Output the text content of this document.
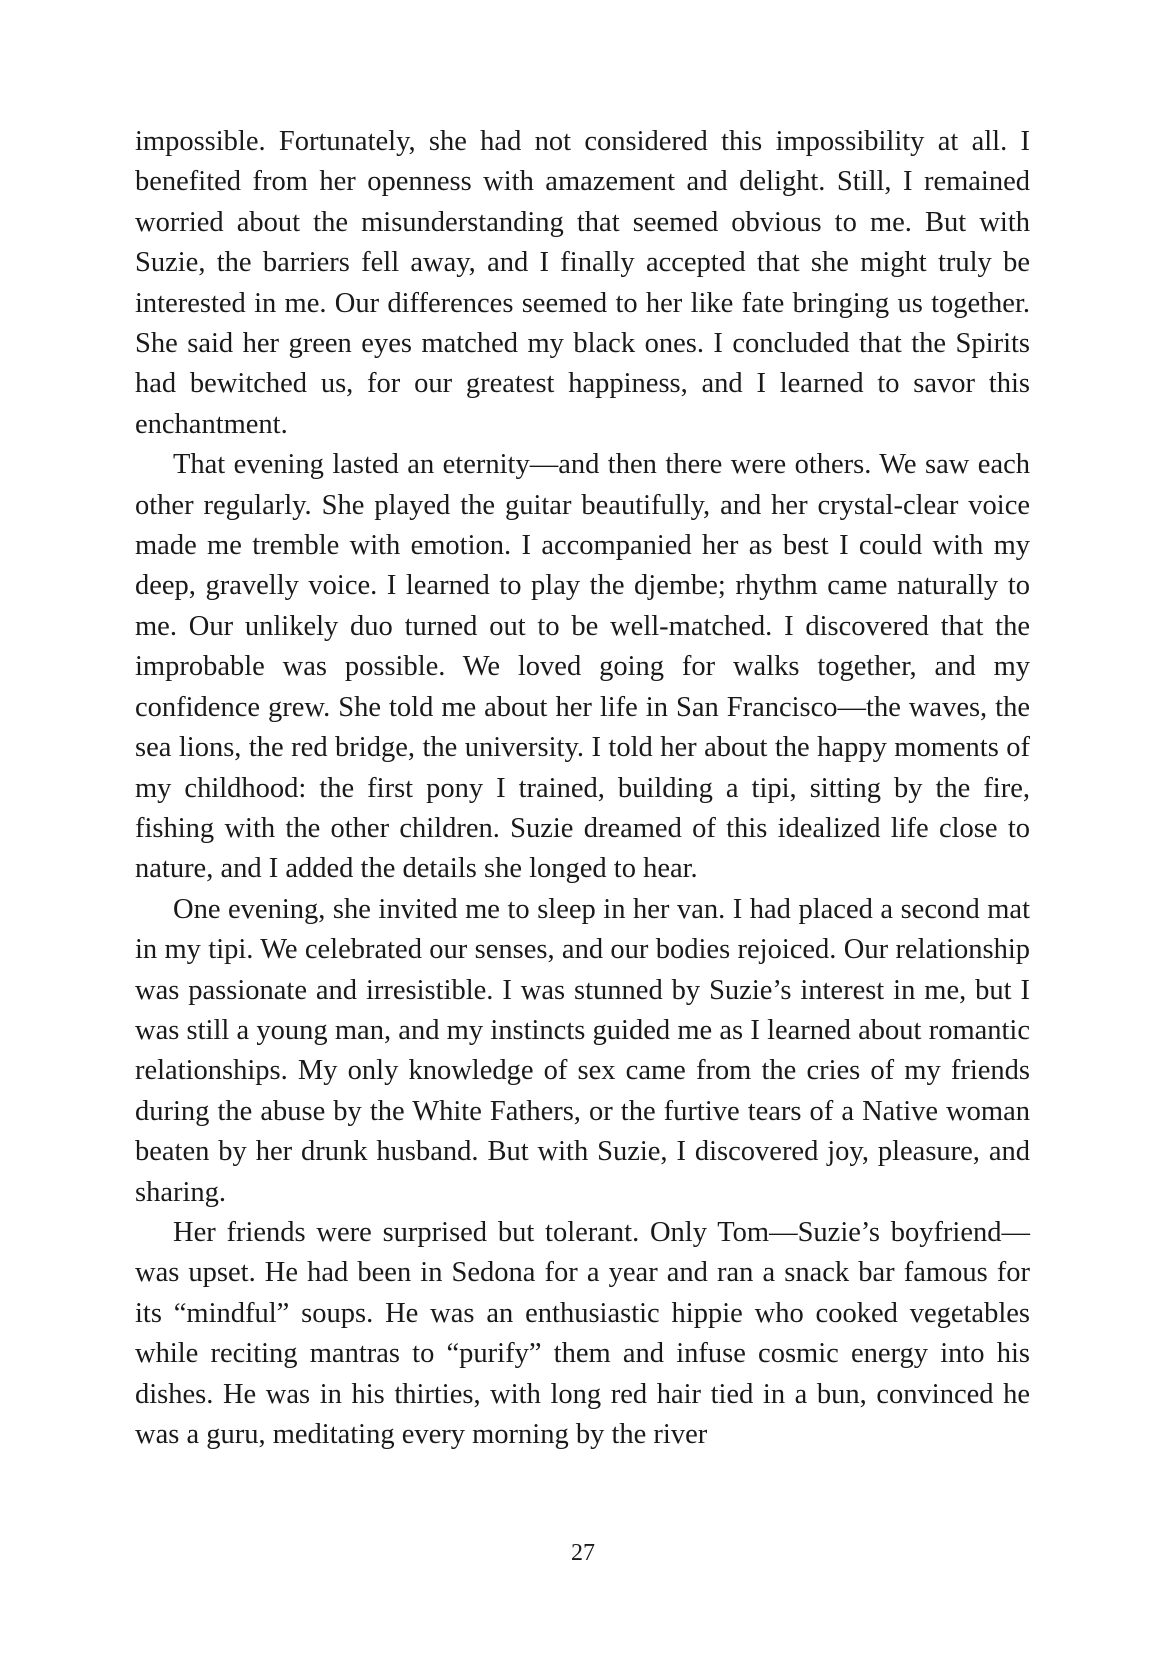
impossible. Fortunately, she had not considered this impossibility at all. I benefited from her openness with amazement and delight. Still, I remained worried about the misunderstanding that seemed obvious to me. But with Suzie, the barriers fell away, and I finally accepted that she might truly be interested in me. Our differences seemed to her like fate bringing us together. She said her green eyes matched my black ones. I concluded that the Spirits had bewitched us, for our greatest happiness, and I learned to savor this enchantment.

That evening lasted an eternity—and then there were others. We saw each other regularly. She played the guitar beautifully, and her crystal-clear voice made me tremble with emotion. I accompanied her as best I could with my deep, gravelly voice. I learned to play the djembe; rhythm came naturally to me. Our unlikely duo turned out to be well-matched. I discovered that the improbable was possible. We loved going for walks together, and my confidence grew. She told me about her life in San Francisco—the waves, the sea lions, the red bridge, the university. I told her about the happy moments of my childhood: the first pony I trained, building a tipi, sitting by the fire, fishing with the other children. Suzie dreamed of this idealized life close to nature, and I added the details she longed to hear.

One evening, she invited me to sleep in her van. I had placed a second mat in my tipi. We celebrated our senses, and our bodies rejoiced. Our relationship was passionate and irresistible. I was stunned by Suzie’s interest in me, but I was still a young man, and my instincts guided me as I learned about romantic relationships. My only knowledge of sex came from the cries of my friends during the abuse by the White Fathers, or the furtive tears of a Native woman beaten by her drunk husband. But with Suzie, I discovered joy, pleasure, and sharing.

Her friends were surprised but tolerant. Only Tom—Suzie’s boyfriend—was upset. He had been in Sedona for a year and ran a snack bar famous for its “mindful” soups. He was an enthusiastic hippie who cooked vegetables while reciting mantras to “purify” them and infuse cosmic energy into his dishes. He was in his thirties, with long red hair tied in a bun, convinced he was a guru, meditating every morning by the river

27
